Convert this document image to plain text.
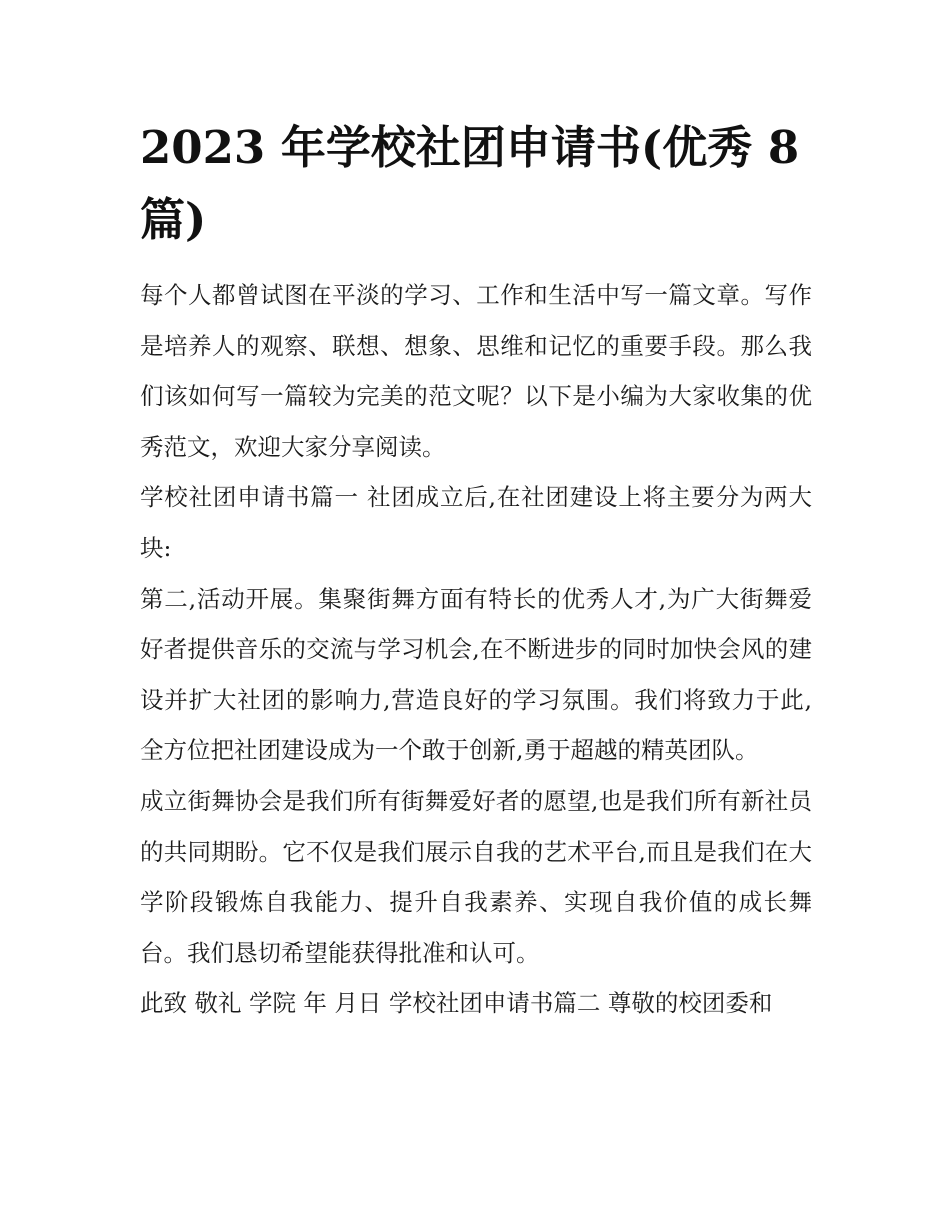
2023 年学校社团申请书(优秀 8 篇)

每个人都曾试图在平淡的学习、工作和生活中写一篇文章。写作是培养人的观察、联想、想象、思维和记忆的重要手段。那么我们该如何写一篇较为完美的范文呢？以下是小编为大家收集的优秀范文，欢迎大家分享阅读。

学校社团申请书篇一 社团成立后,在社团建设上将主要分为两大块:

第二,活动开展。集聚街舞方面有特长的优秀人才,为广大街舞爱好者提供音乐的交流与学习机会,在不断进步的同时加快会风的建设并扩大社团的影响力,营造良好的学习氛围。我们将致力于此,全方位把社团建设成为一个敢于创新,勇于超越的精英团队。

成立街舞协会是我们所有街舞爱好者的愿望,也是我们所有新社员的共同期盼。它不仅是我们展示自我的艺术平台,而且是我们在大学阶段锻炼自我能力、提升自我素养、实现自我价值的成长舞台。我们恳切希望能获得批准和认可。

此致 敬礼 学院 年 月日 学校社团申请书篇二 尊敬的校团委和
